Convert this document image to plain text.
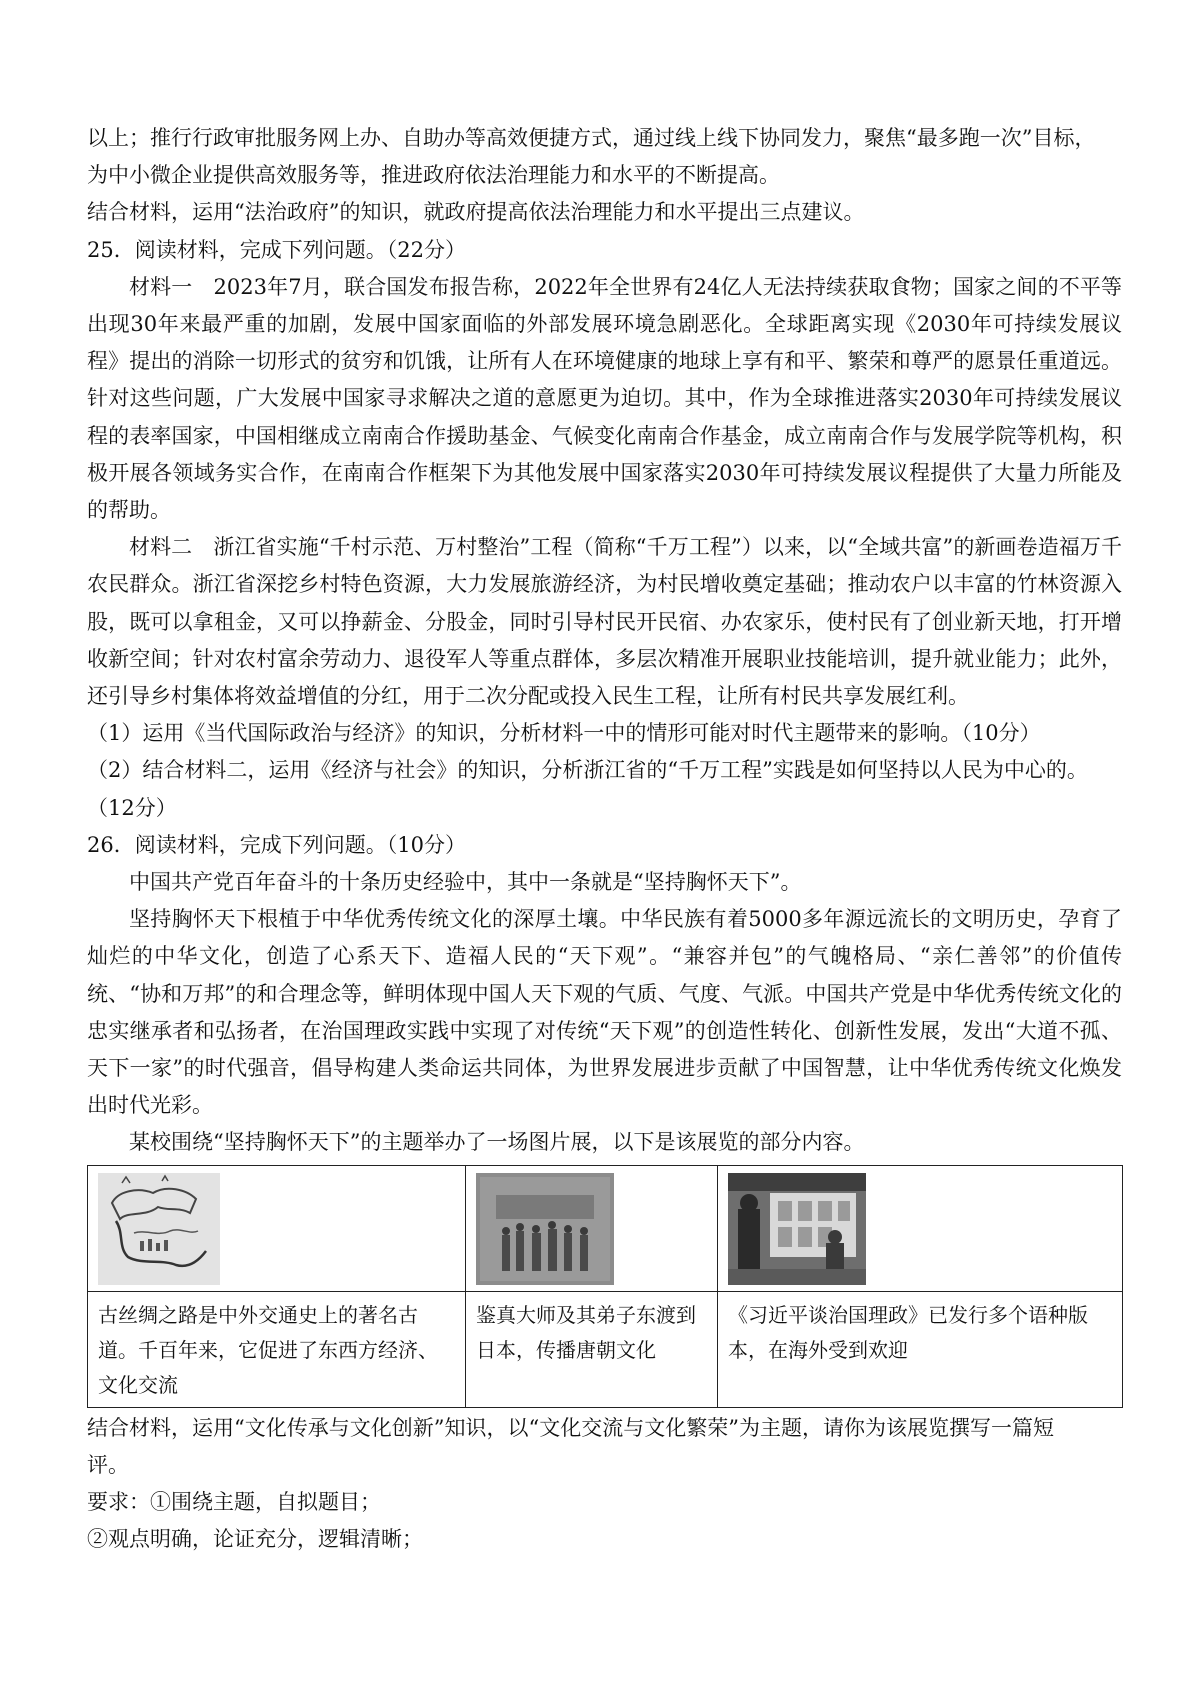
以上；推行行政审批服务网上办、自助办等高效便捷方式，通过线上线下协同发力，聚焦“最多跑一次”目标，

为中小微企业提供高效服务等，推进政府依法治理能力和水平的不断提高。

结合材料，运用“法治政府”的知识，就政府提高依法治理能力和水平提出三点建议。

25．阅读材料，完成下列问题。（22分）

材料一　2023年7月，联合国发布报告称，2022年全世界有24亿人无法持续获取食物；国家之间的不平等出现30年来最严重的加剧，发展中国家面临的外部发展环境急剧恶化。全球距离实现《2030年可持续发展议程》提出的消除一切形式的贫穷和饥饿，让所有人在环境健康的地球上享有和平、繁荣和尊严的愿景任重道远。针对这些问题，广大发展中国家寻求解决之道的意愿更为迫切。其中，作为全球推进落实2030年可持续发展议程的表率国家，中国相继成立南南合作援助基金、气候变化南南合作基金，成立南南合作与发展学院等机构，积极开展各领域务实合作，在南南合作框架下为其他发展中国家落实2030年可持续发展议程提供了大量力所能及的帮助。

材料二　浙江省实施“千村示范、万村整治”工程（简称“千万工程”）以来，以“全域共富”的新画卷造福万千农民群众。浙江省深挖乡村特色资源，大力发展旅游经济，为村民增收奠定基础；推动农户以丰富的竹林资源入股，既可以拿租金，又可以挣薪金、分股金，同时引导村民开民宿、办农家乐，使村民有了创业新天地，打开增收新空间；针对农村富余劳动力、退役军人等重点群体，多层次精准开展职业技能培训，提升就业能力；此外，还引导乡村集体将效益增值的分红，用于二次分配或投入民生工程，让所有村民共享发展红利。

（1）运用《当代国际政治与经济》的知识，分析材料一中的情形可能对时代主题带来的影响。（10分）

（2）结合材料二，运用《经济与社会》的知识，分析浙江省的“千万工程”实践是如何坚持以人民为中心的。

（12分）

26．阅读材料，完成下列问题。（10分）

中国共产党百年奋斗的十条历史经验中，其中一条就是“坚持胸怀天下”。

坚持胸怀天下根植于中华优秀传统文化的深厚土壤。中华民族有着5000多年源远流长的文明历史，孕育了灿烂的中华文化，创造了心系天下、造福人民的“天下观”。“兼容并包”的气魄格局、“亲仁善邻”的价值传统、“协和万邦”的和合理念等，鲜明体现中国人天下观的气质、气度、气派。中国共产党是中华优秀传统文化的忠实继承者和弘扬者，在治国理政实践中实现了对传统“天下观”的创造性转化、创新性发展，发出“大道不孤、天下一家”的时代强音，倡导构建人类命运共同体，为世界发展进步贡献了中国智慧，让中华优秀传统文化焕发出时代光彩。

某校围绕“坚持胸怀天下”的主题举办了一场图片展，以下是该展览的部分内容。

古丝绸之路是中外交通史上的著名古道。千百年来，它促进了东西方经济、文化交流	鉴真大师及其弟子东渡到日本，传播唐朝文化	《习近平谈治国理政》已发行多个语种版本，在海外受到欢迎

结合材料，运用“文化传承与文化创新”知识，以“文化交流与文化繁荣”为主题，请你为该展览撰写一篇短

评。

要求：①围绕主题，自拟题目；

②观点明确，论证充分，逻辑清晰；
